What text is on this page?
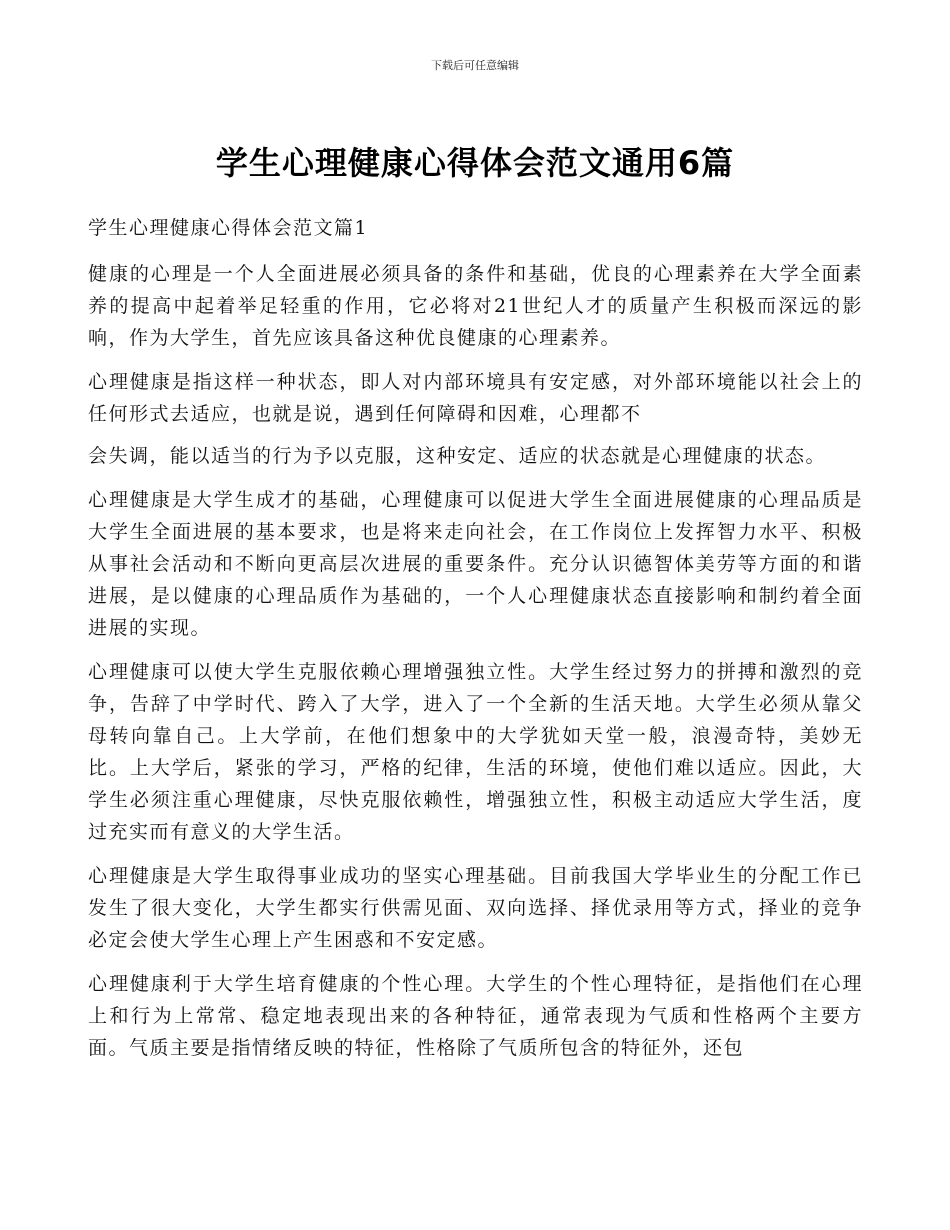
下载后可任意编辑

学生心理健康心得体会范文通用6篇

学生心理健康心得体会范文篇1

健康的心理是一个人全面进展必须具备的条件和基础，优良的心理素养在大学全面素养的提高中起着举足轻重的作用，它必将对21世纪人才的质量产生积极而深远的影响，作为大学生，首先应该具备这种优良健康的心理素养。

心理健康是指这样一种状态，即人对内部环境具有安定感，对外部环境能以社会上的任何形式去适应，也就是说，遇到任何障碍和因难，心理都不

会失调，能以适当的行为予以克服，这种安定、适应的状态就是心理健康的状态。

心理健康是大学生成才的基础，心理健康可以促进大学生全面进展健康的心理品质是大学生全面进展的基本要求，也是将来走向社会，在工作岗位上发挥智力水平、积极从事社会活动和不断向更高层次进展的重要条件。充分认识德智体美劳等方面的和谐进展，是以健康的心理品质作为基础的，一个人心理健康状态直接影响和制约着全面进展的实现。

心理健康可以使大学生克服依赖心理增强独立性。大学生经过努力的拼搏和激烈的竞争，告辞了中学时代、跨入了大学，进入了一个全新的生活天地。大学生必须从靠父母转向靠自己。上大学前，在他们想象中的大学犹如天堂一般，浪漫奇特，美妙无比。上大学后，紧张的学习，严格的纪律，生活的环境，使他们难以适应。因此，大学生必须注重心理健康，尽快克服依赖性，增强独立性，积极主动适应大学生活，度过充实而有意义的大学生活。

心理健康是大学生取得事业成功的坚实心理基础。目前我国大学毕业生的分配工作已发生了很大变化，大学生都实行供需见面、双向选择、择优录用等方式，择业的竞争必定会使大学生心理上产生困惑和不安定感。

心理健康利于大学生培育健康的个性心理。大学生的个性心理特征，是指他们在心理上和行为上常常、稳定地表现出来的各种特征，通常表现为气质和性格两个主要方面。气质主要是指情绪反映的特征，性格除了气质所包含的特征外，还包
